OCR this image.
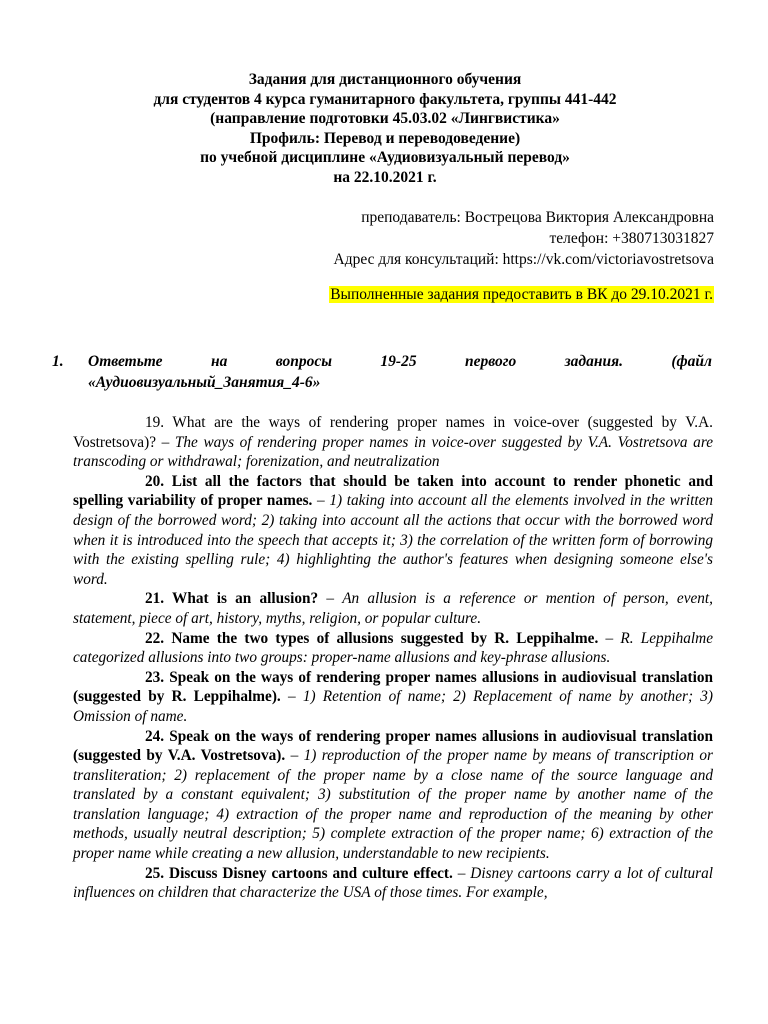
Задания для дистанционного обучения
для студентов 4 курса гуманитарного факультета, группы 441-442
(направление подготовки 45.03.02 «Лингвистика»
Профиль: Перевод и переводоведение)
по учебной дисциплине «Аудиовизуальный перевод»
на 22.10.2021 г.
преподаватель: Вострецова Виктория Александровна
телефон: +380713031827
Адрес для консультаций: https://vk.com/victoriavostretsova
Выполненные задания предоставить в ВК до 29.10.2021 г.
1. Ответьте	на	вопросы	19-25	первого	задания.	(файл
«Аудиовизуальный_Занятия_4-6»

19. What are the ways of rendering proper names in voice-over (suggested by V.A. Vostretsova)? – The ways of rendering proper names in voice-over suggested by V.A. Vostretsova are transcoding or withdrawal; forenization, and neutralization

20. List all the factors that should be taken into account to render phonetic and spelling variability of proper names. – 1) taking into account all the elements involved in the written design of the borrowed word; 2) taking into account all the actions that occur with the borrowed word when it is introduced into the speech that accepts it; 3) the correlation of the written form of borrowing with the existing spelling rule; 4) highlighting the author's features when designing someone else's word.

21. What is an allusion? – An allusion is a reference or mention of person, event, statement, piece of art, history, myths, religion, or popular culture.

22. Name the two types of allusions suggested by R. Leppihalme. – R. Leppihalme categorized allusions into two groups: proper-name allusions and key-phrase allusions.

23. Speak on the ways of rendering proper names allusions in audiovisual translation (suggested by R. Leppihalme). – 1) Retention of name; 2) Replacement of name by another; 3) Omission of name.

24. Speak on the ways of rendering proper names allusions in audiovisual translation (suggested by V.A. Vostretsova). – 1) reproduction of the proper name by means of transcription or transliteration; 2) replacement of the proper name by a close name of the source language and translated by a constant equivalent; 3) substitution of the proper name by another name of the translation language; 4) extraction of the proper name and reproduction of the meaning by other methods, usually neutral description; 5) complete extraction of the proper name; 6) extraction of the proper name while creating a new allusion, understandable to new recipients.

25. Discuss Disney cartoons and culture effect. – Disney cartoons carry a lot of cultural influences on children that characterize the USA of those times. For example,
